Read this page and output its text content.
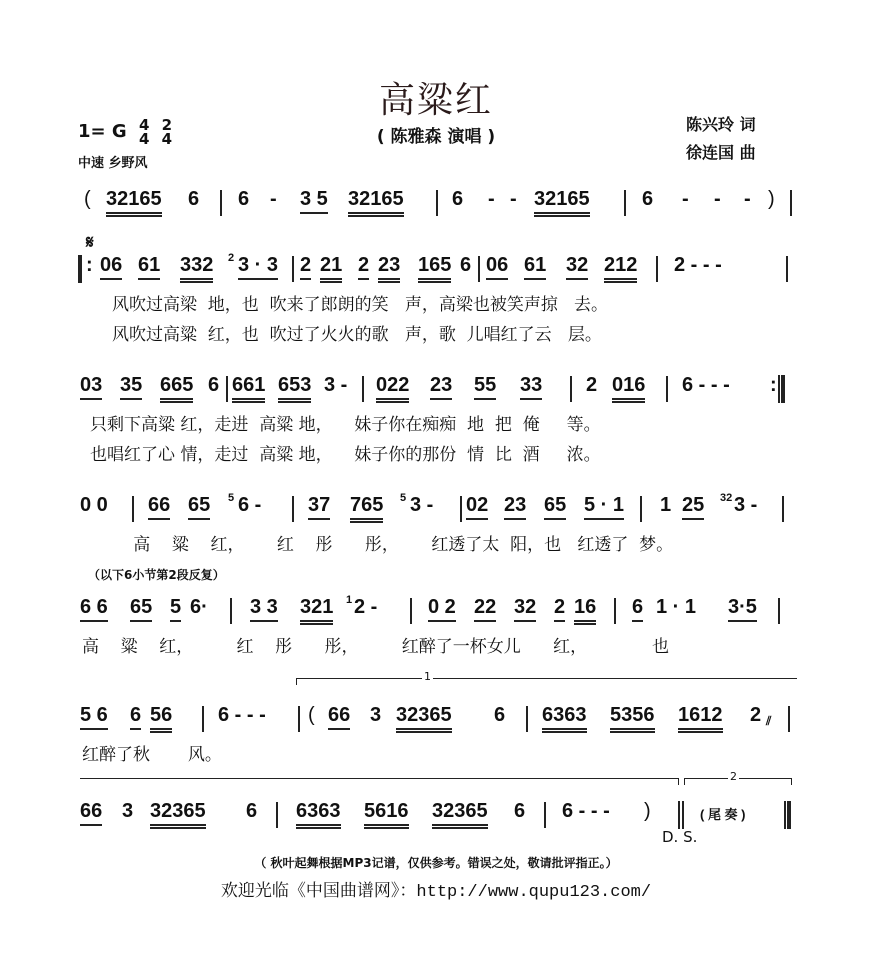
高粱红
( 陈雅森 演唱 )
1= G 4
4

2
4
中速 乡野风
陈兴玲 词
徐连国 曲
( 32165 6 6 - 3 5 32165 6 - - 32165	6 - - - )
𝄋
: 06 61 332 2 3 · 3 2 21 2 23 165 6 06 61 32 212 2 - - -
风吹过高梁  地，也  吹来了郎朗的笑   声，高梁也被笑声掠   去。
风吹过高粱  红，也  吹过了火火的歌   声，歌  儿唱红了云   层。
03 35 665 6 661 653 3 - 022 23 55 33 2 016 6 - - - :
只剩下高粱 红，走进  高粱 地，    妹子你在痴痴  地  把  俺     等。
也唱红了心 情，走过  高粱 地，    妹子你的那份  情  比  酒     浓。
0 0 66 65 5 6 - 37 765 5 3 - 02 23 65 5 · 1 1 25 32 3 -
高    粱    红，      红    彤      彤，      红透了太  阳，也   红透了  梦。
（以下6小节第2段反复）
6 6 65 5 6· 3 3 321 1 2 -	0 2 22 32 2 16 6 1 · 1 3·5
高    粱    红，        红    彤      彤，        红醉了一杯女儿      红，            也
1
5 6 6 56 6 - - - ( 66 3 32365 6 6363 5356 1612 2 ⫽
红醉了秋       风。
2
66 3 32365 6 6363 5616 32365 6 6 - - - )	( 尾 奏 )
D. S.
（ 秋叶起舞根据MP3记谱，仅供参考。错误之处，敬请批评指正。）
欢迎光临《中国曲谱网》：http://www.qupu123.com/
